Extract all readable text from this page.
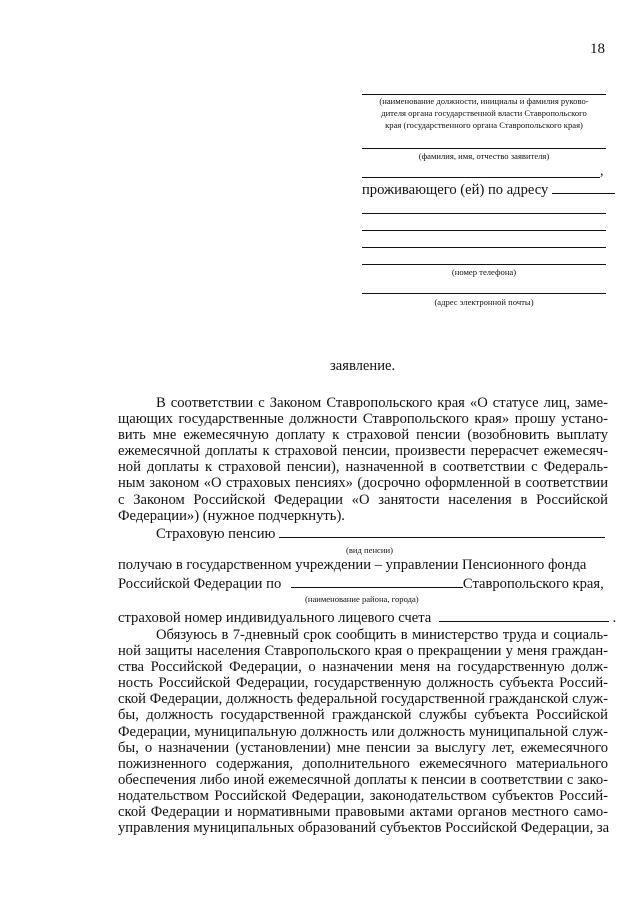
18
(наименование должности, инициалы и фамилия руково-
дителя органа государственной власти Ставропольского
края (государственного органа Ставропольского края)
(фамилия, имя, отчество заявителя)
,
проживающего (ей) по адресу
(номер телефона)
(адрес электронной почты)
заявление.
В соответствии с Законом Ставропольского края «О статусе лиц, заме-
щающих государственные должности Ставропольского края» прошу устано-
вить мне ежемесячную доплату к страховой пенсии (возобновить выплату
ежемесячной доплаты к страховой пенсии, произвести перерасчет ежемесяч-
ной доплаты к страховой пенсии), назначенной в соответствии с Федераль-
ным законом «О страховых пенсиях» (досрочно оформленной в соответствии
с Законом Российской Федерации «О занятости населения в Российской
Федерации») (нужное подчеркнуть).
Страховую пенсию
(вид пенсии)
получаю в государственном учреждении – управлении Пенсионного фонда
Российской Федерации по	Ставропольского края,
(наименование района, города)
страховой номер индивидуального лицевого счета	.
Обязуюсь в 7-дневный срок сообщить в министерство труда и социаль-
ной защиты населения Ставропольского края о прекращении у меня граждан-
ства Российской Федерации, о назначении меня на государственную долж-
ность Российской Федерации, государственную должность субъекта Россий-
ской Федерации, должность федеральной государственной гражданской служ-
бы, должность государственной гражданской службы субъекта Российской
Федерации, муниципальную должность или должность муниципальной служ-
бы, о назначении (установлении) мне пенсии за выслугу лет, ежемесячного
пожизненного содержания, дополнительного ежемесячного материального
обеспечения либо иной ежемесячной доплаты к пенсии в соответствии с зако-
нодательством Российской Федерации, законодательством субъектов Россий-
ской Федерации и нормативными правовыми актами органов местного само-
управления муниципальных образований субъектов Российской Федерации, за
